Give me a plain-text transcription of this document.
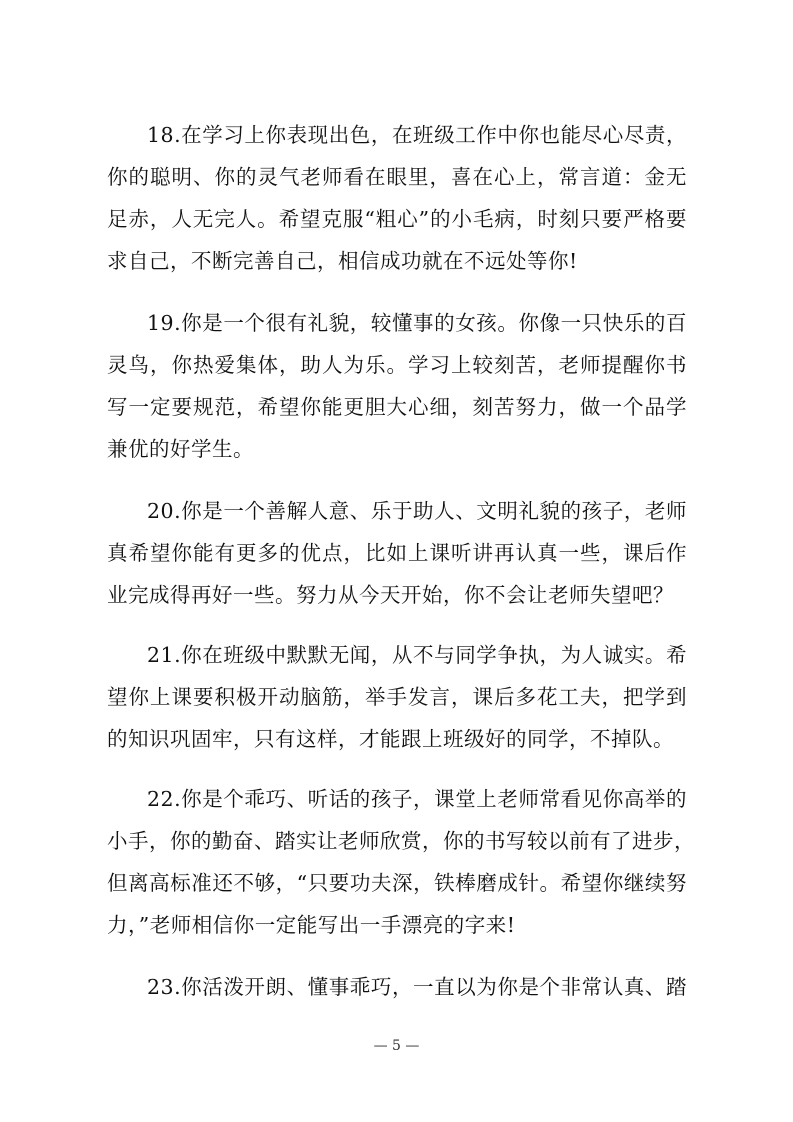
18.在学习上你表现出色，在班级工作中你也能尽心尽责，
你的聪明、你的灵气老师看在眼里，喜在心上，常言道：金无
足赤，人无完人。希望克服“粗心”的小毛病，时刻只要严格要
求自己，不断完善自己，相信成功就在不远处等你!
19.你是一个很有礼貌，较懂事的女孩。你像一只快乐的百
灵鸟，你热爱集体，助人为乐。学习上较刻苦，老师提醒你书
写一定要规范，希望你能更胆大心细，刻苦努力，做一个品学
兼优的好学生。
20.你是一个善解人意、乐于助人、文明礼貌的孩子，老师
真希望你能有更多的优点，比如上课听讲再认真一些，课后作
业完成得再好一些。努力从今天开始，你不会让老师失望吧？
21.你在班级中默默无闻，从不与同学争执，为人诚实。希
望你上课要积极开动脑筋，举手发言，课后多花工夫，把学到
的知识巩固牢，只有这样，才能跟上班级好的同学，不掉队。
22.你是个乖巧、听话的孩子，课堂上老师常看见你高举的
小手，你的勤奋、踏实让老师欣赏，你的书写较以前有了进步，
但离高标准还不够，“只要功夫深，铁棒磨成针。希望你继续努
力，”老师相信你一定能写出一手漂亮的字来!
23.你活泼开朗、懂事乖巧，一直以为你是个非常认真、踏
— 5 —
